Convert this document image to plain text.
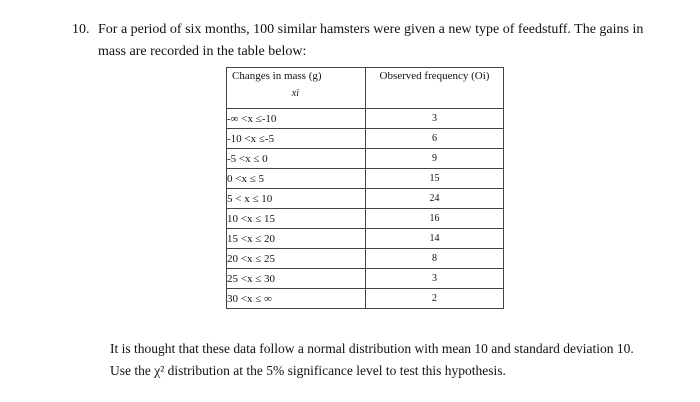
10. For a period of six months, 100 similar hamsters were given a new type of feedstuff. The gains in
mass are recorded in the table below:
Changes in mass (g)
xi	Observed frequency (Oi)

-∞ <x ≤-10	3
-10 <x ≤-5	6
-5 <x ≤ 0	9
0 <x ≤ 5	15
5 < x ≤ 10	24
10 <x ≤ 15	16
15 <x ≤ 20	14
20 <x ≤ 25	8
25 <x ≤ 30	3
30 <x ≤ ∞	2
It is thought that these data follow a normal distribution with mean 10 and standard deviation 10.
Use the χ² distribution at the 5% significance level to test this hypothesis.
